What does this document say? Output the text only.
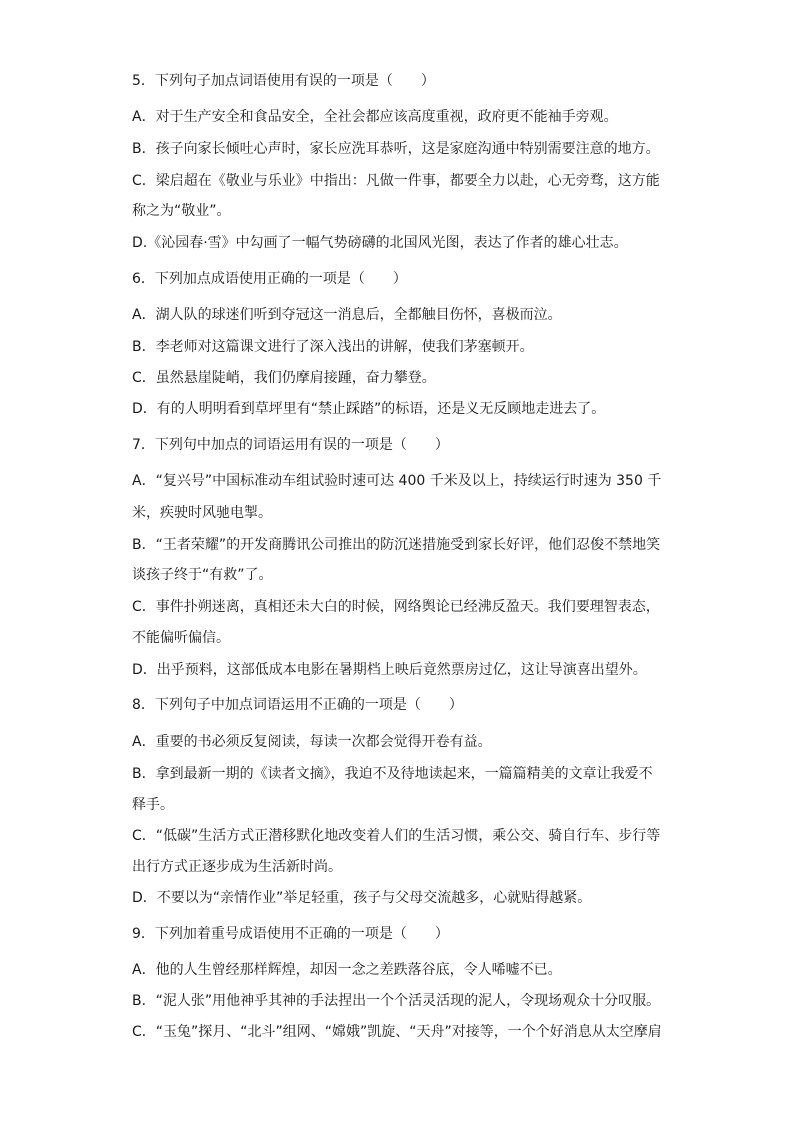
5．下列句子加点词语使用有误的一项是（　　）
A．对于生产安全和食品安全，全社会都应该高度重视，政府更不能袖手旁观。
B．孩子向家长倾吐心声时，家长应洗耳恭听，这是家庭沟通中特别需要注意的地方。
C．梁启超在《敬业与乐业》中指出：凡做一件事，都要全力以赴，心无旁骛，这方能
称之为“敬业”。
D.《沁园春·雪》中勾画了一幅气势磅礴的北国风光图，表达了作者的雄心壮志。
6．下列加点成语使用正确的一项是（　　）
A．湖人队的球迷们听到夺冠这一消息后，全都触目伤怀，喜极而泣。
B．李老师对这篇课文进行了深入浅出的讲解，使我们茅塞顿开。
C．虽然悬崖陡峭，我们仍摩肩接踵，奋力攀登。
D．有的人明明看到草坪里有“禁止踩踏”的标语，还是义无反顾地走进去了。
7．下列句中加点的词语运用有误的一项是（　　）
A．“复兴号”中国标准动车组试验时速可达 400 千米及以上，持续运行时速为 350 千
米，疾驶时风驰电掣。
B．“王者荣耀”的开发商腾讯公司推出的防沉迷措施受到家长好评，他们忍俊不禁地笑
谈孩子终于“有救”了。
C．事件扑朔迷离，真相还未大白的时候，网络舆论已经沸反盈天。我们要理智表态，
不能偏听偏信。
D．出乎预料，这部低成本电影在暑期档上映后竟然票房过亿，这让导演喜出望外。
8．下列句子中加点词语运用不正确的一项是（　　）
A．重要的书必须反复阅读，每读一次都会觉得开卷有益。
B．拿到最新一期的《读者文摘》，我迫不及待地读起来，一篇篇精美的文章让我爱不
释手。
C．“低碳”生活方式正潜移默化地改变着人们的生活习惯，乘公交、骑自行车、步行等
出行方式正逐步成为生活新时尚。
D．不要以为“亲情作业”举足轻重，孩子与父母交流越多，心就贴得越紧。
9．下列加着重号成语使用不正确的一项是（　　）
A．他的人生曾经那样辉煌，却因一念之差跌落谷底，令人唏嘘不已。
B．“泥人张”用他神乎其神的手法捏出一个个活灵活现的泥人，令现场观众十分叹服。
C．“玉兔”探月、“北斗”组网、“嫦娥”凯旋、“天舟”对接等，一个个好消息从太空摩肩
